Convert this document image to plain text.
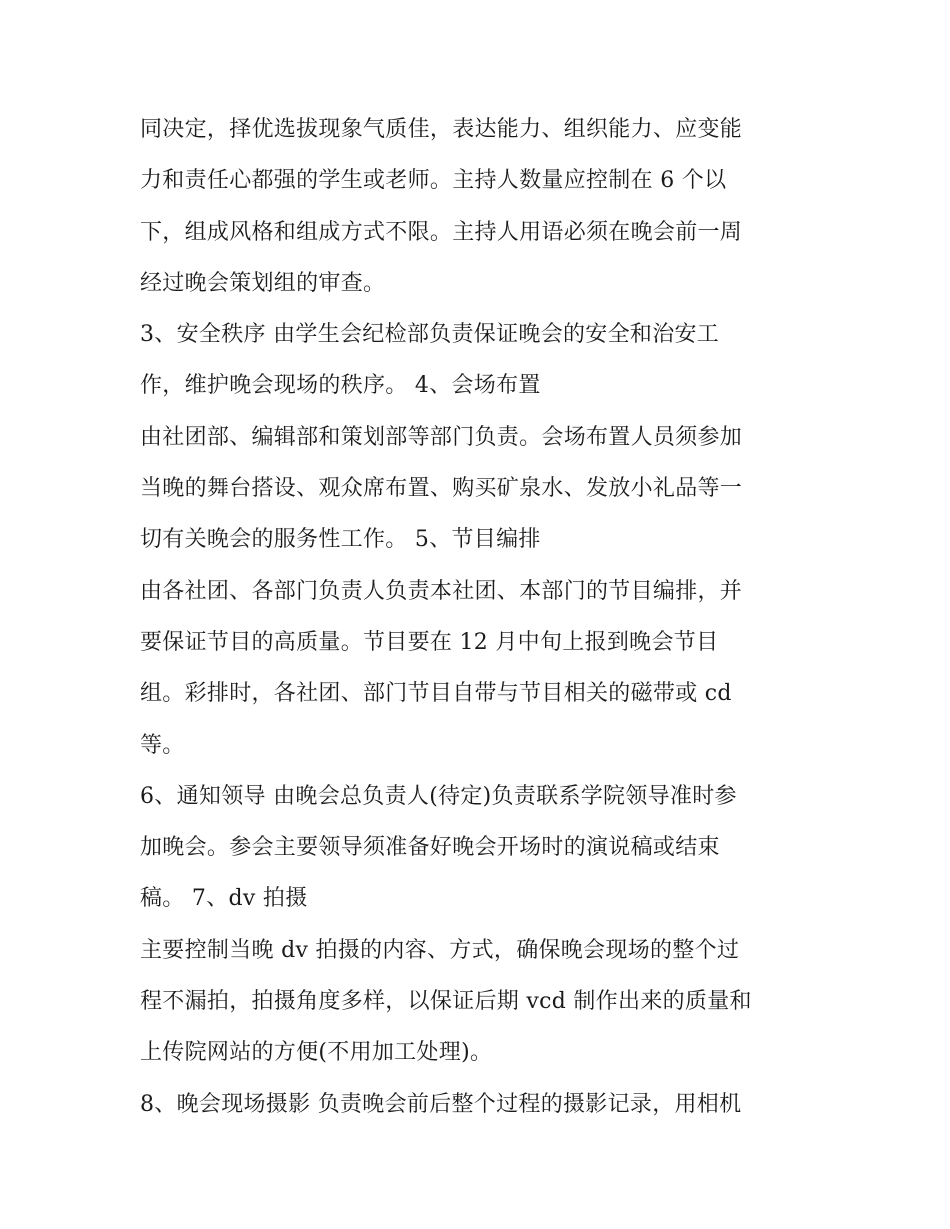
同决定，择优选拔现象气质佳，表达能力、组织能力、应变能
力和责任心都强的学生或老师。主持人数量应控制在 6 个以
下，组成风格和组成方式不限。主持人用语必须在晚会前一周
经过晚会策划组的审查。
3、安全秩序 由学生会纪检部负责保证晚会的安全和治安工
作，维护晚会现场的秩序。 4、会场布置
由社团部、编辑部和策划部等部门负责。会场布置人员须参加
当晚的舞台搭设、观众席布置、购买矿泉水、发放小礼品等一
切有关晚会的服务性工作。 5、节目编排
由各社团、各部门负责人负责本社团、本部门的节目编排，并
要保证节目的高质量。节目要在 12 月中旬上报到晚会节目
组。彩排时，各社团、部门节目自带与节目相关的磁带或 cd
等。
6、通知领导 由晚会总负责人(待定)负责联系学院领导准时参
加晚会。参会主要领导须准备好晚会开场时的演说稿或结束
稿。 7、dv 拍摄
主要控制当晚 dv 拍摄的内容、方式，确保晚会现场的整个过
程不漏拍，拍摄角度多样，以保证后期 vcd 制作出来的质量和
上传院网站的方便(不用加工处理)。
8、晚会现场摄影 负责晚会前后整个过程的摄影记录，用相机
